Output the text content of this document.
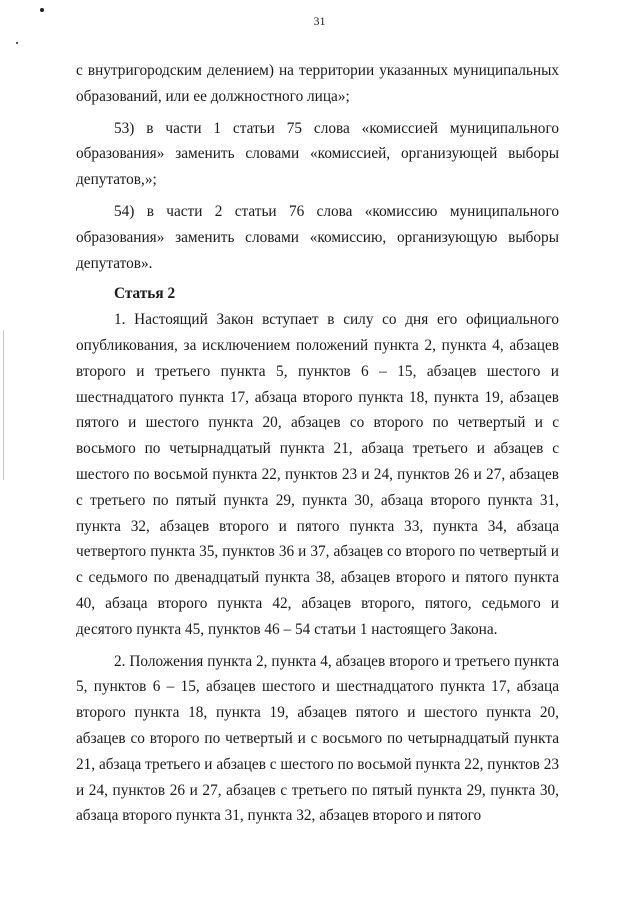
31

с внутригородским делением) на территории указанных муниципальных образований, или ее должностного лица»;

53) в части 1 статьи 75 слова «комиссией муниципального образования» заменить словами «комиссией, организующей выборы депутатов,»;

54) в части 2 статьи 76 слова «комиссию муниципального образования» заменить словами «комиссию, организующую выборы депутатов».

Статья 2

1. Настоящий Закон вступает в силу со дня его официального опубликования, за исключением положений пункта 2, пункта 4, абзацев второго и третьего пункта 5, пунктов 6 – 15, абзацев шестого и шестнадцатого пункта 17, абзаца второго пункта 18, пункта 19, абзацев пятого и шестого пункта 20, абзацев со второго по четвертый и с восьмого по четырнадцатый пункта 21, абзаца третьего и абзацев с шестого по восьмой пункта 22, пунктов 23 и 24, пунктов 26 и 27, абзацев с третьего по пятый пункта 29, пункта 30, абзаца второго пункта 31, пункта 32, абзацев второго и пятого пункта 33, пункта 34, абзаца четвертого пункта 35, пунктов 36 и 37, абзацев со второго по четвертый и с седьмого по двенадцатый пункта 38, абзацев второго и пятого пункта 40, абзаца второго пункта 42, абзацев второго, пятого, седьмого и десятого пункта 45, пунктов 46 – 54 статьи 1 настоящего Закона.

2. Положения пункта 2, пункта 4, абзацев второго и третьего пункта 5, пунктов 6 – 15, абзацев шестого и шестнадцатого пункта 17, абзаца второго пункта 18, пункта 19, абзацев пятого и шестого пункта 20, абзацев со второго по четвертый и с восьмого по четырнадцатый пункта 21, абзаца третьего и абзацев с шестого по восьмой пункта 22, пунктов 23 и 24, пунктов 26 и 27, абзацев с третьего по пятый пункта 29, пункта 30, абзаца второго пункта 31, пункта 32, абзацев второго и пятого
